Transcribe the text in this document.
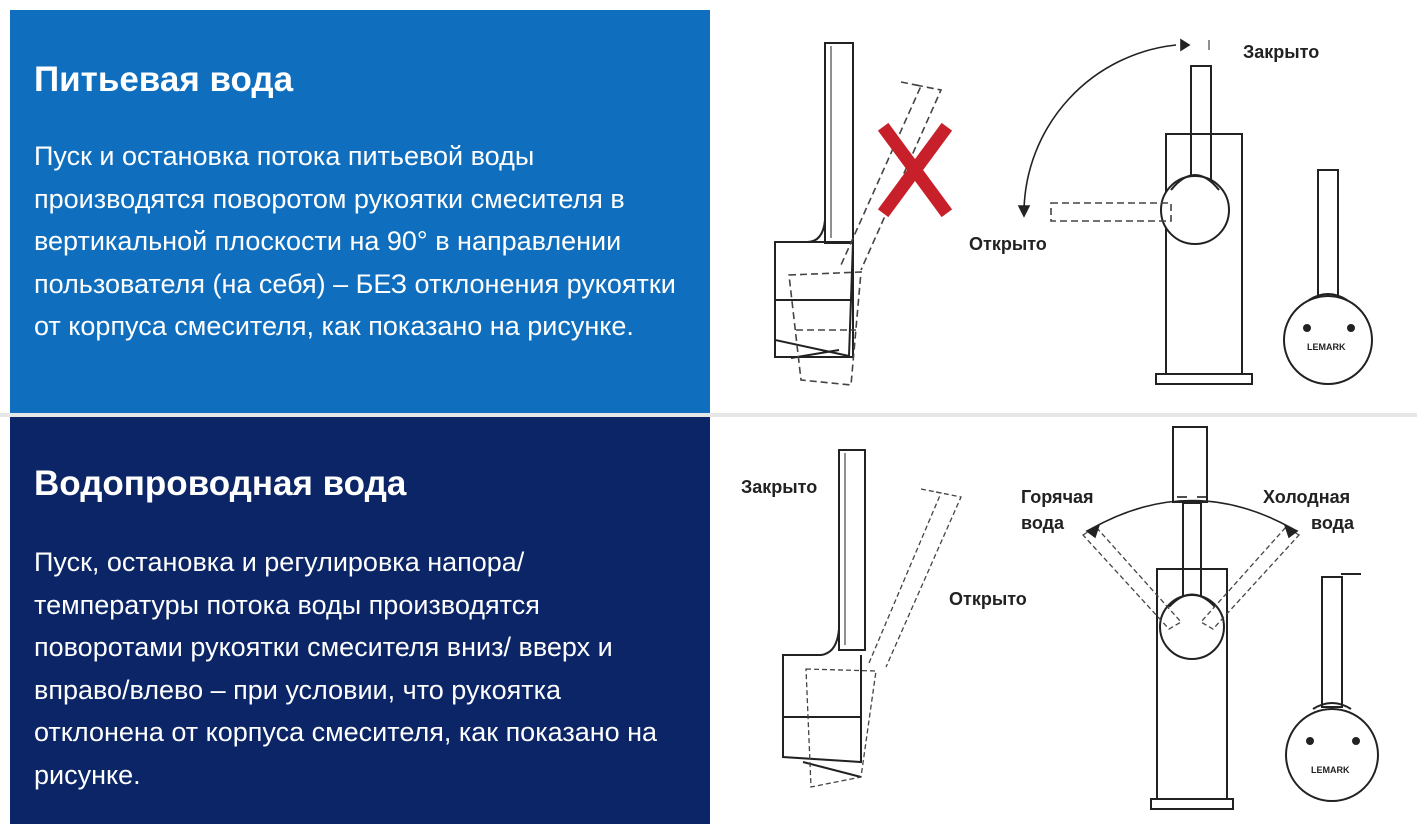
Питьевая вода

Пуск и остановка потока питьевой воды производятся поворотом рукоятки смесителя в вертикальной плоскости на 90° в направлении пользователя (на себя) – БЕЗ отклонения рукоятки от корпуса смесителя, как показано на рисунке.

Закрыто
Открыто
LEMARK
Водопроводная вода

Пуск, остановка и регулировка напора/ температуры потока воды производятся поворотами рукоятки смесителя вниз/ вверх и вправо/влево – при условии, что рукоятка отклонена от корпуса смесителя, как показано на рисунке.

Закрыто
Открыто
Горячая
вода
Холодная
вода
LEMARK
